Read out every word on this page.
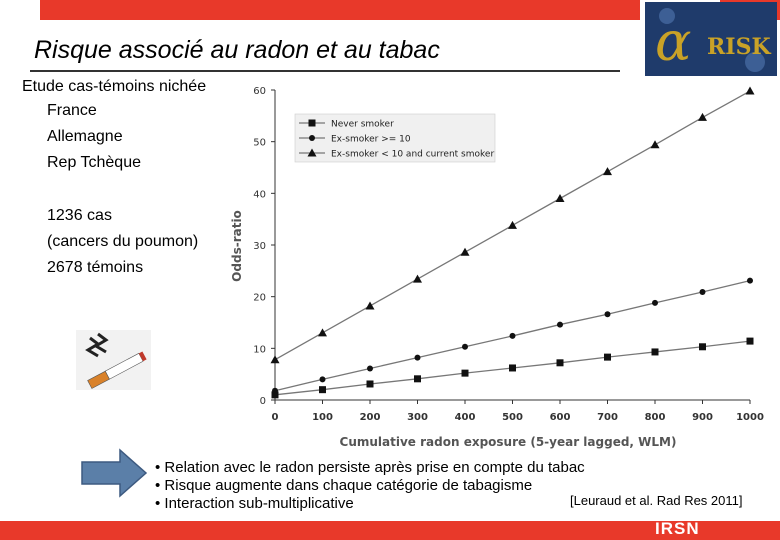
Risque associé au radon et au tabac	α RISK
Etude cas-témoins nichée
France
Allemagne
Rep Tchèque
1236 cas
(cancers du poumon)
2678 témoins
0
10
20
30
40
50
60
0	100	200	300	400	500	600	700	800	900 1000
Never smoker
Ex-smoker >= 10
Ex-smoker < 10 and current smoker
Odds-ratio
Cumulative radon exposure (5-year lagged, WLM)
• Relation avec le radon persiste après prise en compte du tabac
• Risque augmente dans chaque catégorie de tabagisme
• Interaction sub-multiplicative	[Leuraud et al. Rad Res 2011]
IRSN
